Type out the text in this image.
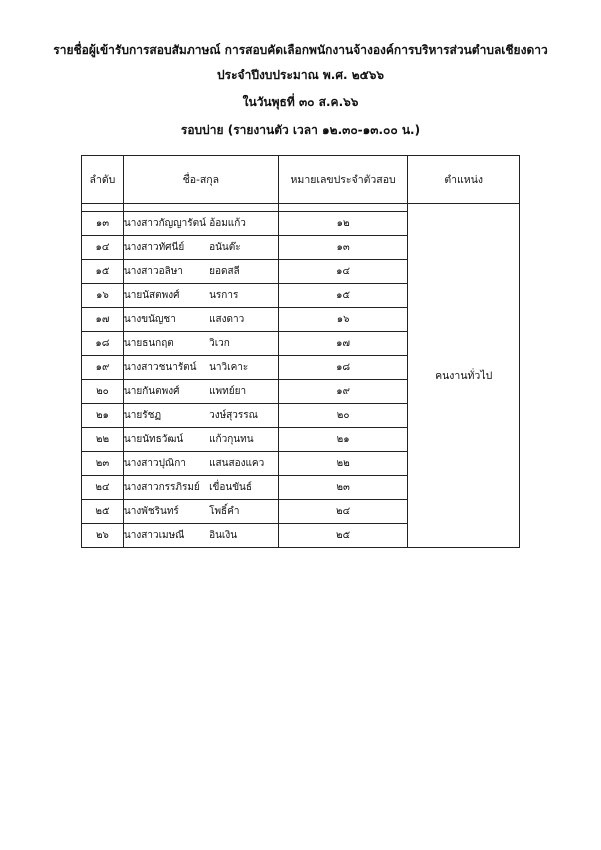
รายชื่อผู้เข้ารับการสอบสัมภาษณ์ การสอบคัดเลือกพนักงานจ้างองค์การบริหารส่วนตำบลเชียงดาว
ประจำปีงบประมาณ พ.ศ. ๒๕๖๖
ในวันพุธที่ ๓๐ ส.ค.๖๖
รอบบ่าย (รายงานตัว เวลา ๑๒.๓๐-๑๓.๐๐ น.)
ลำดับ	ชื่อ-สกุล	หมายเลขประจำตัวสอบ	ตำแหน่ง
			คนงานทั่วไป
๑๓	นางสาวกัญญารัตน์ อ้อมแก้ว	๑๒	
๑๔	นางสาวทัศนีย์ อนันต๊ะ	๑๓	
๑๕	นางสาวอลิษา ยอดสลี	๑๔	
๑๖	นายนัสตพงศ์ นรการ	๑๕	
๑๗	นางขนัญชา แสงดาว	๑๖	
๑๘	นายธนกฤต วิเวก	๑๗	
๑๙	นางสาวชนารัตน์ นาวิเคาะ	๑๘	
๒๐	นายกันตพงศ์ แพทย์ยา	๑๙	
๒๑	นายรัชฏ วงษ์สุวรรณ	๒๐	
๒๒	นายนัทธวัฒน์ แก้วกุนทน	๒๑	
๒๓	นางสาวปุณิกา แสนสองแคว	๒๒	
๒๔	นางสาวกรรภิรมย์ เขื่อนขันธ์	๒๓	
๒๕	นางพัชรินทร์ โพธิ์คำ	๒๔	
๒๖	นางสาวเมษณี อินเงิน	๒๕	
